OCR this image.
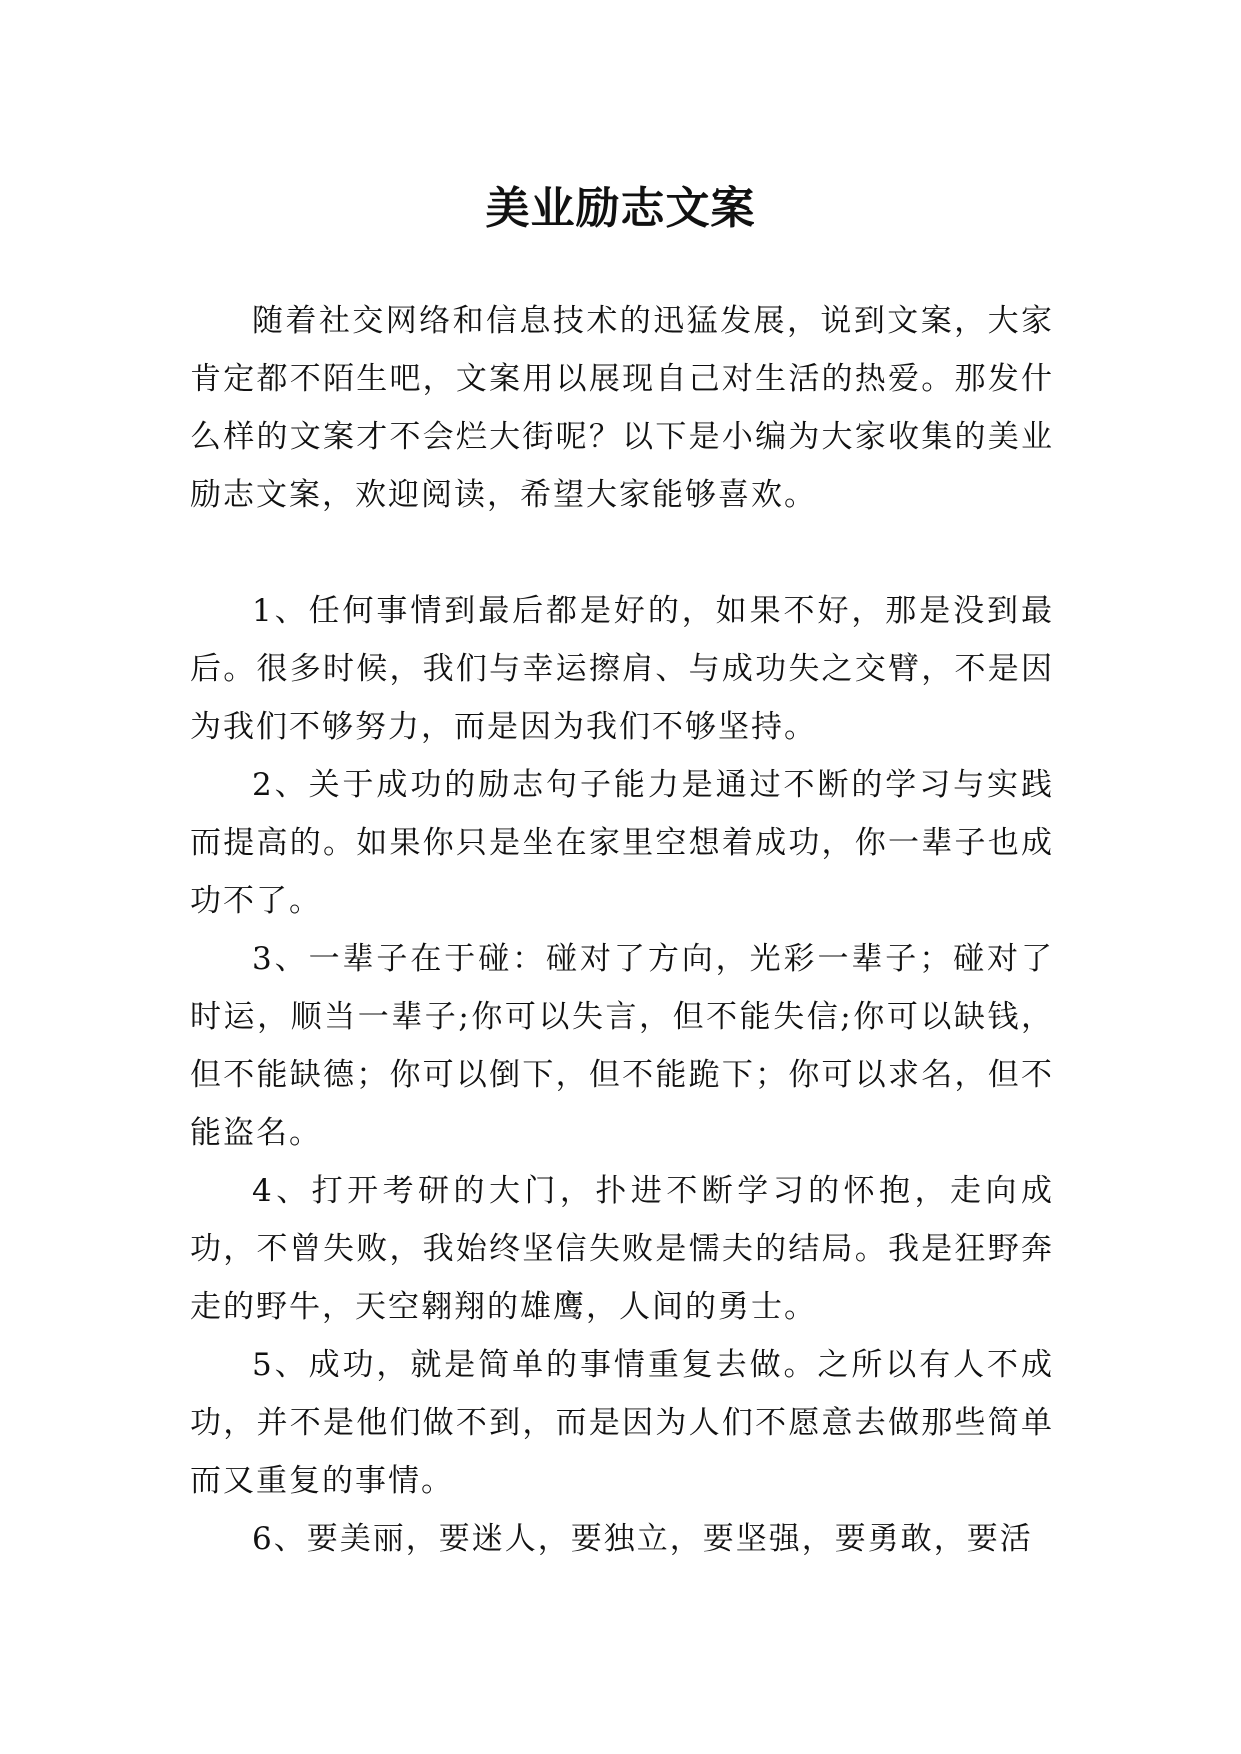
美业励志文案

随着社交网络和信息技术的迅猛发展，说到文案，大家肯定都不陌生吧，文案用以展现自己对生活的热爱。那发什么样的文案才不会烂大街呢？以下是小编为大家收集的美业励志文案，欢迎阅读，希望大家能够喜欢。

1、任何事情到最后都是好的，如果不好，那是没到最后。很多时候，我们与幸运擦肩、与成功失之交臂，不是因为我们不够努力，而是因为我们不够坚持。

2、关于成功的励志句子能力是通过不断的学习与实践而提高的。如果你只是坐在家里空想着成功，你一辈子也成功不了。

3、一辈子在于碰：碰对了方向，光彩一辈子；碰对了时运，顺当一辈子;你可以失言，但不能失信;你可以缺钱，但不能缺德；你可以倒下，但不能跪下；你可以求名，但不能盗名。

4、打开考研的大门，扑进不断学习的怀抱，走向成功，不曾失败，我始终坚信失败是懦夫的结局。我是狂野奔走的野牛，天空翱翔的雄鹰，人间的勇士。

5、成功，就是简单的事情重复去做。之所以有人不成功，并不是他们做不到，而是因为人们不愿意去做那些简单而又重复的事情。

6、要美丽，要迷人，要独立，要坚强，要勇敢，要活
